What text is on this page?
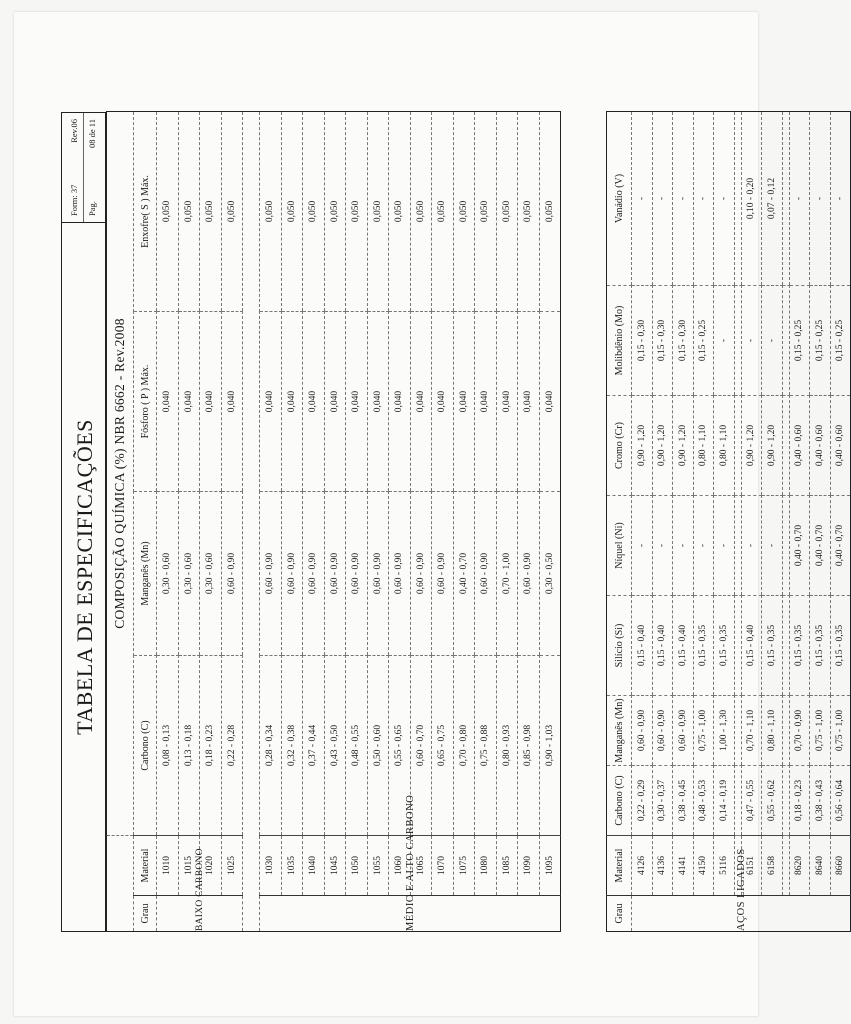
TABELA DE ESPECIFICAÇÕES
Form: 37
Rev.06
Pag.
08 de 11
		COMPOSIÇÃO QUÍMICA (%) NBR 6662 - Rev.2008			
Grau	Material	Carbono (C)	Manganês (Mn)	Fósforo ( P ) Máx.	Enxofre( S ) Máx.
BAIXO CARBONO	1010	0,08 - 0,13	0,30 - 0,60	0,040	0,050
	1015	0,13 - 0,18	0,30 - 0,60	0,040	0,050
	1020	0,18 - 0,23	0,30 - 0,60	0,040	0,050
	1025	0,22 - 0,28	0,60 - 0,90	0,040	0,050

MÉDIO E ALTO CARBONO	1030	0,28 - 0,34	0,60 - 0,90	0,040	0,050
	1035	0,32 - 0,38	0,60 - 0,90	0,040	0,050
	1040	0,37 - 0,44	0,60 - 0,90	0,040	0,050
	1045	0,43 - 0,50	0,60 - 0,90	0,040	0,050
	1050	0,48 - 0,55	0,60 - 0,90	0,040	0,050
	1055	0,50 - 0,60	0,60 - 0,90	0,040	0,050
	1060	0,55 - 0,65	0,60 - 0,90	0,040	0,050
	1065	0,60 - 0,70	0,60 - 0,90	0,040	0,050
	1070	0,65 - 0,75	0,60 - 0,90	0,040	0,050
	1075	0,70 - 0,80	0,40 - 0,70	0,040	0,050
	1080	0,75 - 0,88	0,60 - 0,90	0,040	0,050
	1085	0,80 - 0,93	0,70 - 1,00	0,040	0,050
	1090	0,85 - 0,98	0,60 - 0,90	0,040	0,050
	1095	0,90 - 1,03	0,30 - 0,50	0,040	0,050
Grau	Material	Carbono (C)	Manganês (Mn)	Silício (Si)	Níquel (Ni)	Cromo (Cr)	Molibdênio (Mo)	Vanádio (V)
AÇOS LIGADOS	4126	0,22 - 0,29	0,60 - 0,90	0,15 - 0,40	-	0,90 - 1,20	0,15 - 0,30	-
	4136	0,30 - 0,37	0,60 - 0,90	0,15 - 0,40	-	0,90 - 1,20	0,15 - 0,30	-
	4141	0,38 - 0,45	0,60 - 0,90	0,15 - 0,40	-	0,90 - 1,20	0,15 - 0,30	-
	4150	0,48 - 0,53	0,75 - 1,00	0,15 - 0,35	-	0,80 - 1,10	0,15 - 0,25	-
	5116	0,14 - 0,19	1,00 - 1,30	0,15 - 0,35	-	0,80 - 1,10	-	-

	6151	0,47 - 0,55	0,70 - 1,10	0,15 - 0,40	-	0,90 - 1,20	-	0,10 - 0,20
	6158	0,55 - 0,62	0,80 - 1,10	0,15 - 0,35	-	0,90 - 1,20	-	0,07 - 0,12

	8620	0,18 - 0,23	0,70 - 0,90	0,15 - 0,35	0,40 - 0,70	0,40 - 0,60	0,15 - 0,25	-
	8640	0,38 - 0,43	0,75 - 1,00	0,15 - 0,35	0,40 - 0,70	0,40 - 0,60	0,15 - 0,25	-
	8660	0,56 - 0,64	0,75 - 1,00	0,15 - 0,35	0,40 - 0,70	0,40 - 0,60	0,15 - 0,25	-
